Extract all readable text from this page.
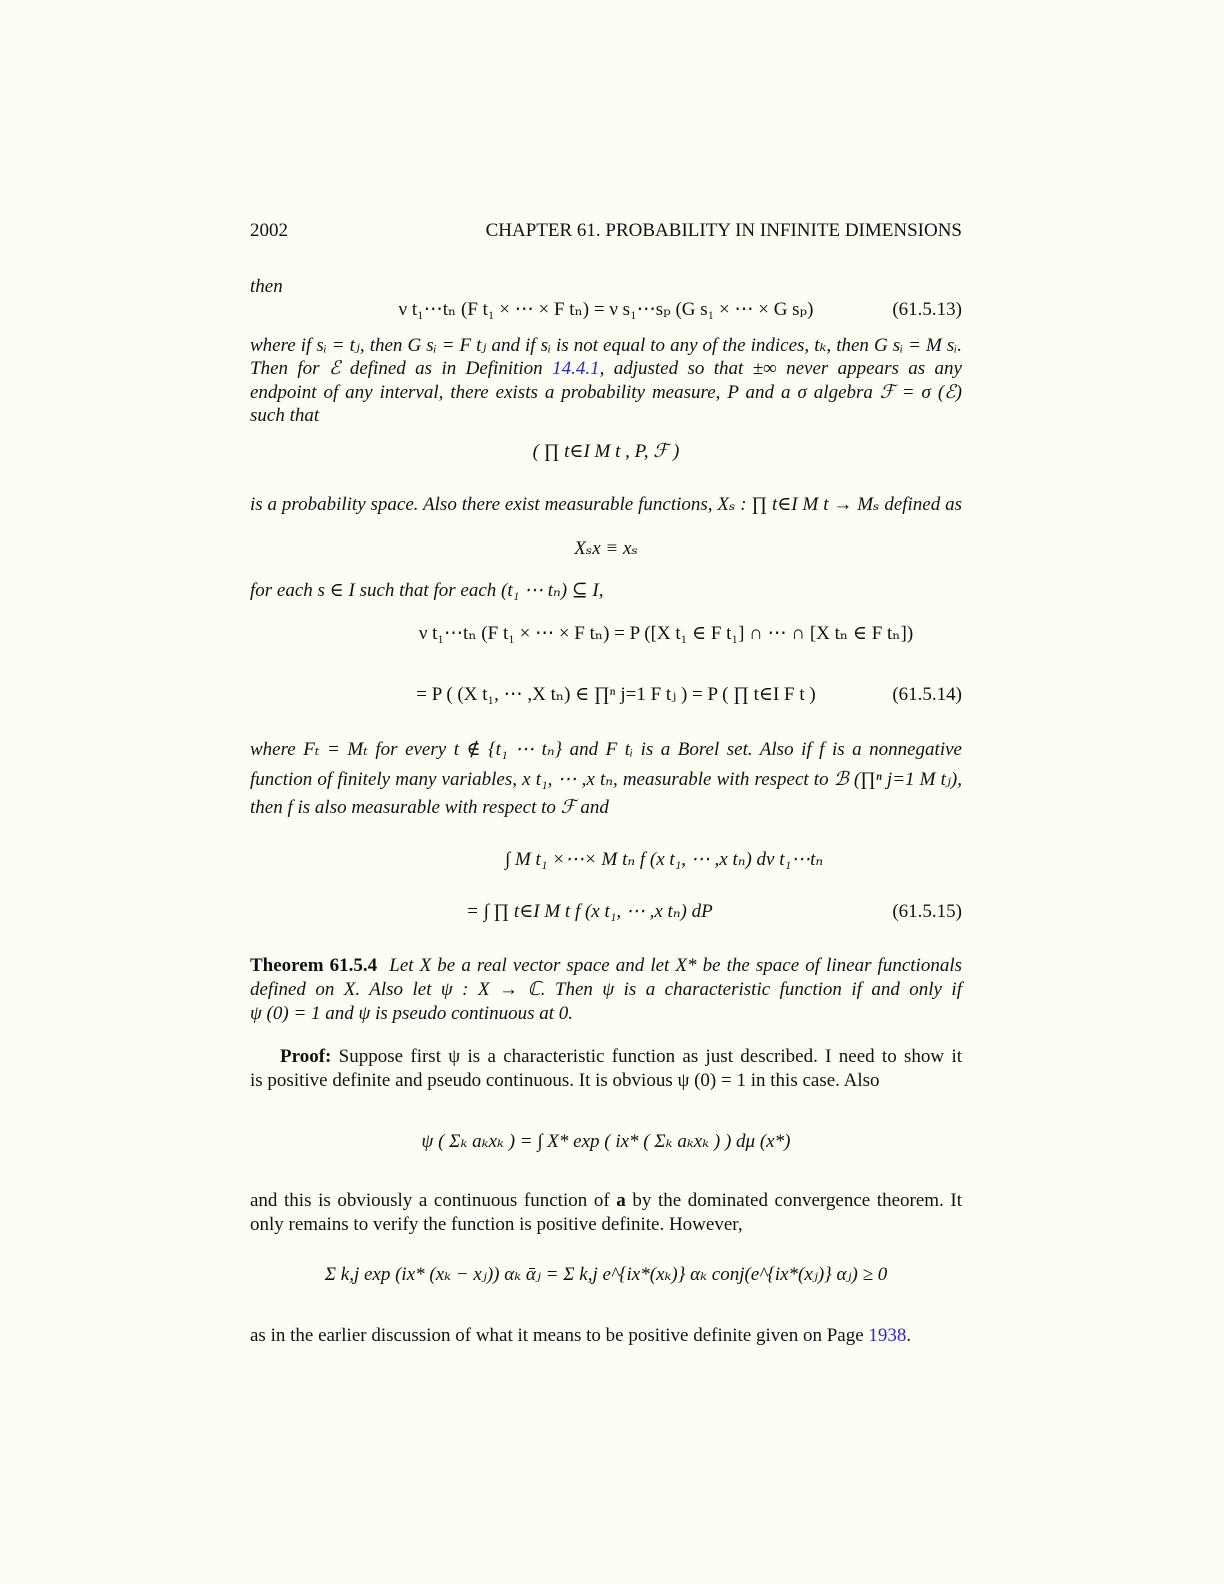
2002	CHAPTER 61. PROBABILITY IN INFINITE DIMENSIONS
then
ν t₁⋯tₙ (F t₁ × ⋯ × F tₙ) = ν s₁⋯sₚ (G s₁ × ⋯ × G sₚ)	(61.5.13)
where if sᵢ = tⱼ, then G sᵢ = F tⱼ and if sᵢ is not equal to any of the indices, tₖ, then G sᵢ = M sᵢ.
Then for ℰ defined as in Definition 14.4.1, adjusted so that ±∞ never appears as any
endpoint of any interval, there exists a probability measure, P and a σ algebra ℱ = σ (ℰ)
such that
( ∏ t∈I M t , P, ℱ )
is a probability space. Also there exist measurable functions, Xₛ : ∏ t∈I M t → Mₛ defined as
Xₛx ≡ xₛ
for each s ∈ I such that for each (t₁ ⋯ tₙ) ⊆ I,
ν t₁⋯tₙ (F t₁ × ⋯ × F tₙ) = P ([X t₁ ∈ F t₁] ∩ ⋯ ∩ [X tₙ ∈ F tₙ])
= P ( (X t₁, ⋯ ,X tₙ) ∈ ∏ⁿ j=1 F tⱼ ) = P ( ∏ t∈I F t )	(61.5.14)
where Fₜ = Mₜ for every t ∉ {t₁ ⋯ tₙ} and F tᵢ is a Borel set. Also if f is a nonnegative
function of finitely many variables, x t₁, ⋯ ,x tₙ, measurable with respect to ℬ (∏ⁿ j=1 M tⱼ),
then f is also measurable with respect to ℱ and
∫ M t₁ ×⋯× M tₙ f (x t₁, ⋯ ,x tₙ) dν t₁⋯tₙ
= ∫ ∏ t∈I M t f (x t₁, ⋯ ,x tₙ) dP	(61.5.15)
Theorem 61.5.4 Let X be a real vector space and let X* be the space of linear functionals
defined on X. Also let ψ : X → ℂ. Then ψ is a characteristic function if and only if
ψ (0) = 1 and ψ is pseudo continuous at 0.
Proof: Suppose first ψ is a characteristic function as just described. I need to show it
is positive definite and pseudo continuous. It is obvious ψ (0) = 1 in this case. Also
ψ ( Σₖ aₖxₖ ) = ∫ X* exp ( ix* ( Σₖ aₖxₖ ) ) dμ (x*)
and this is obviously a continuous function of a by the dominated convergence theorem. It
only remains to verify the function is positive definite. However,
Σ k,j exp (ix* (xₖ − xⱼ)) αₖ ᾱⱼ = Σ k,j e^{ix*(xₖ)} αₖ conj(e^{ix*(xⱼ)} αⱼ) ≥ 0
as in the earlier discussion of what it means to be positive definite given on Page 1938.
